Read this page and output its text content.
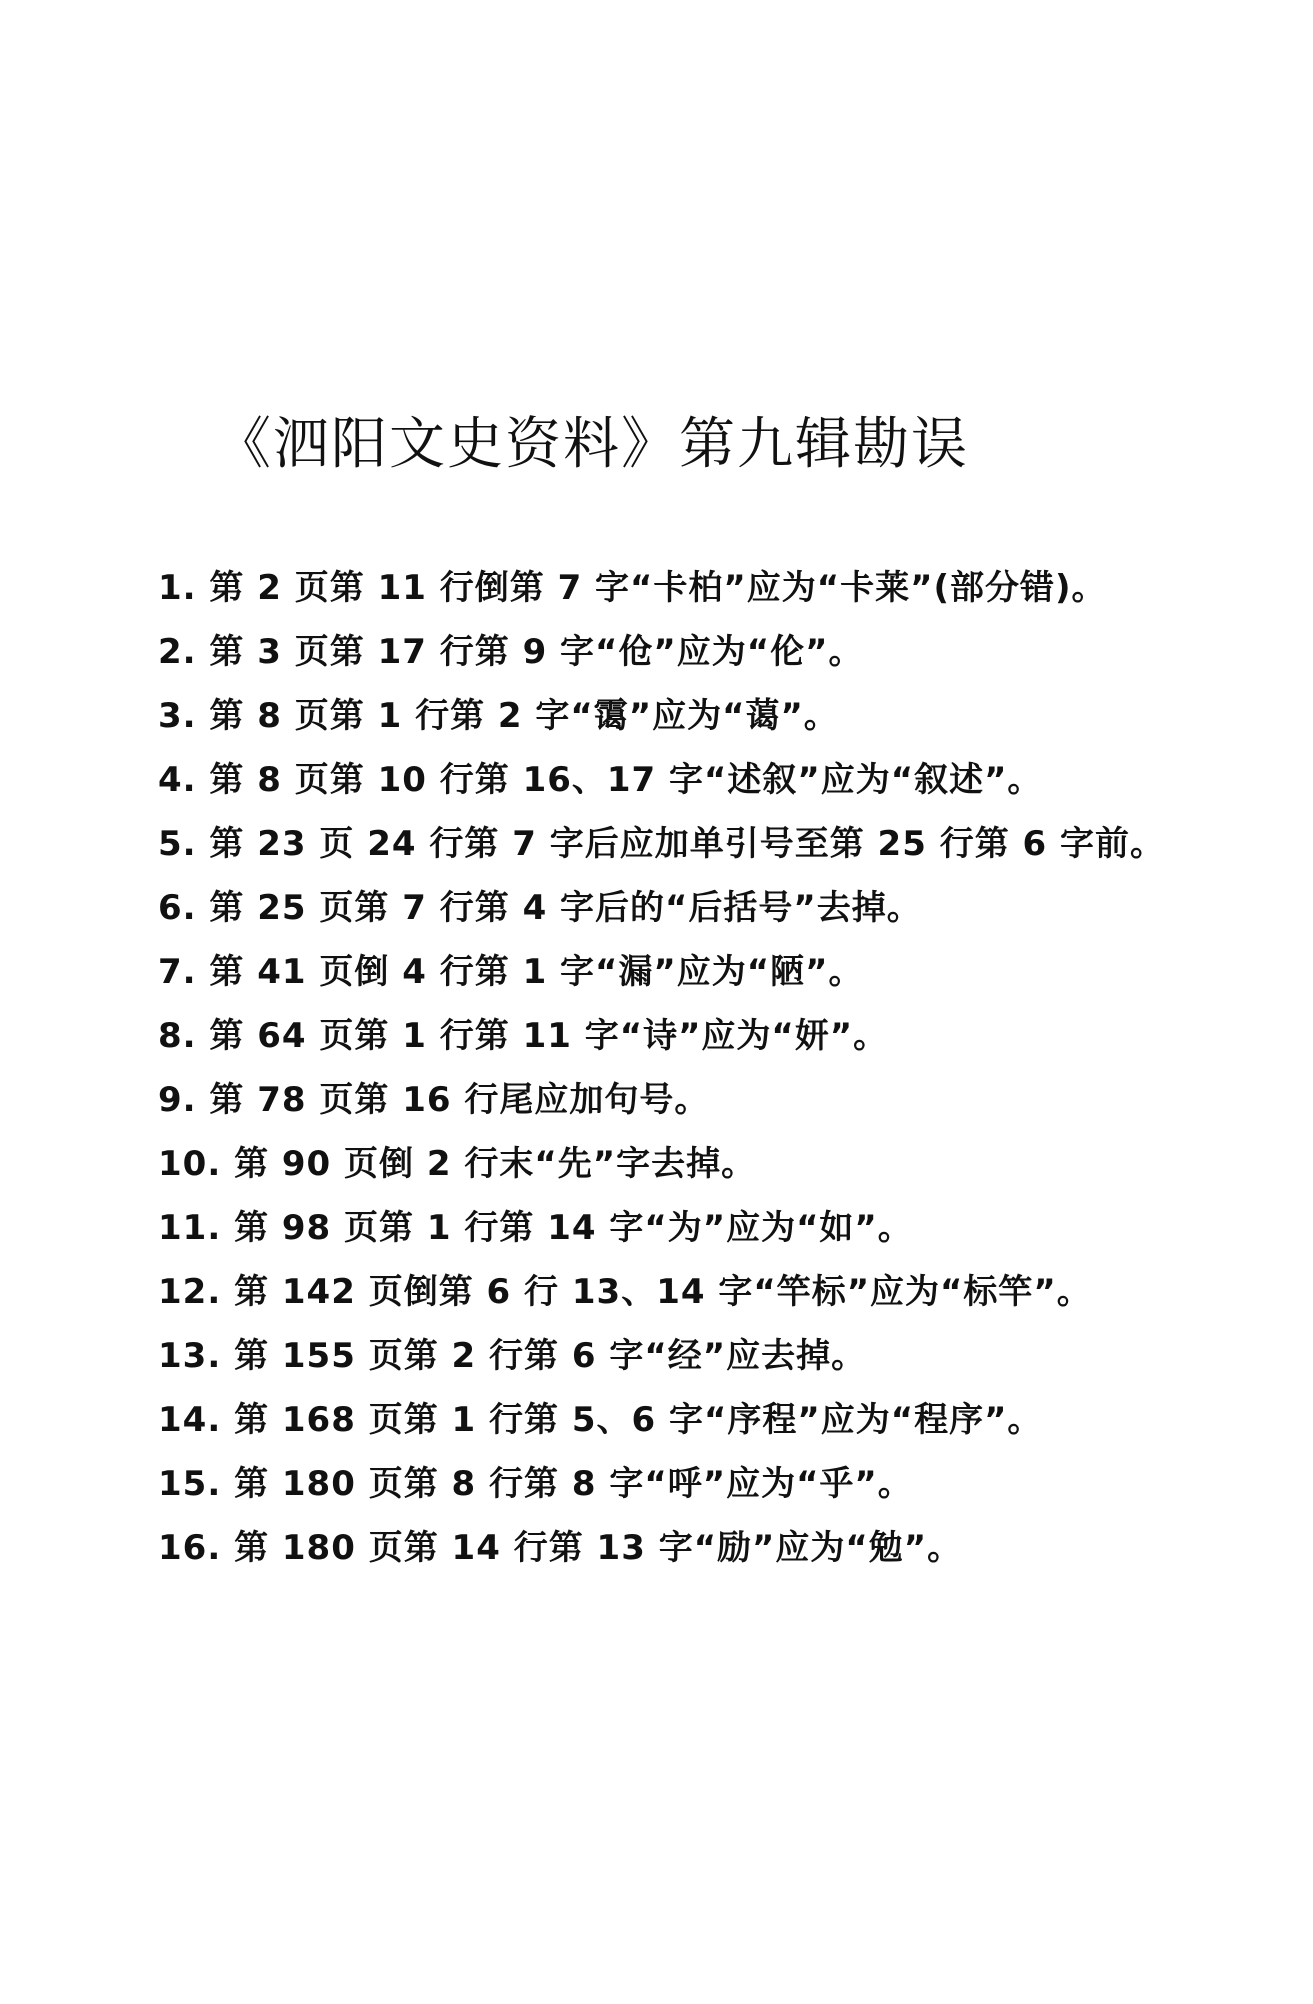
《泗阳文史资料》第九辑勘误
1. 第 2 页第 11 行倒第 7 字“卡柏”应为“卡莱”(部分错)。
2. 第 3 页第 17 行第 9 字“伧”应为“伦”。
3. 第 8 页第 1 行第 2 字“霭”应为“蔼”。
4. 第 8 页第 10 行第 16、17 字“述叙”应为“叙述”。
5. 第 23 页 24 行第 7 字后应加单引号至第 25 行第 6 字前。
6. 第 25 页第 7 行第 4 字后的“后括号”去掉。
7. 第 41 页倒 4 行第 1 字“漏”应为“陋”。
8. 第 64 页第 1 行第 11 字“诗”应为“妍”。
9. 第 78 页第 16 行尾应加句号。
10. 第 90 页倒 2 行末“先”字去掉。
11. 第 98 页第 1 行第 14 字“为”应为“如”。
12. 第 142 页倒第 6 行 13、14 字“竿标”应为“标竿”。
13. 第 155 页第 2 行第 6 字“经”应去掉。
14. 第 168 页第 1 行第 5、6 字“序程”应为“程序”。
15. 第 180 页第 8 行第 8 字“呼”应为“乎”。
16. 第 180 页第 14 行第 13 字“励”应为“勉”。
